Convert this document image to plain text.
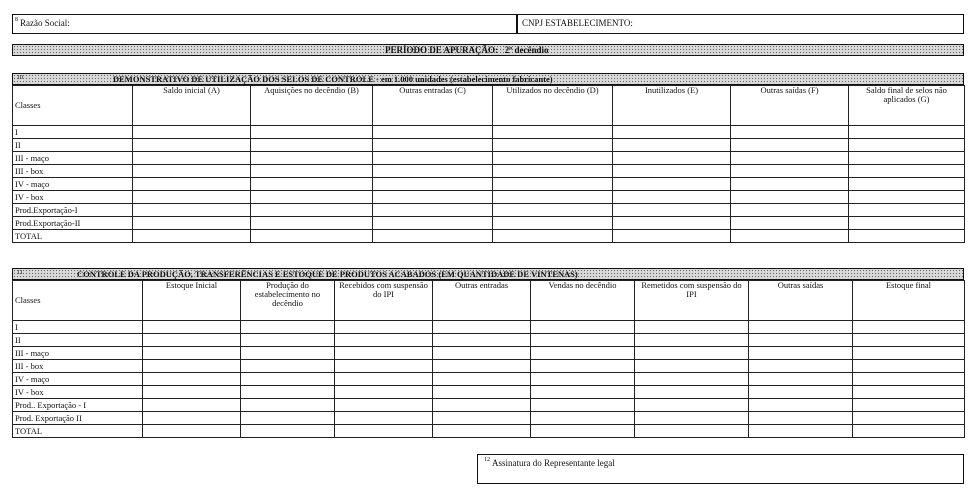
$^8$ Razão Social:	CNPJ ESTABELECIMENTO:
PERÍODO DE APURAÇÃO: 2º decêndio
$^{10}$	DEMONSTRATIVO DE UTILIZAÇÃO DOS SELOS DE CONTROLE - em 1.000 unidades (estabelecimento fabricante)
Classes	Saldo inicial (A)	Aquisições no decêndio (B)	Outras entradas (C)	Utilizados no decêndio (D)	Inutilizados (E)	Outras saídas (F)	Saldo final de selos não aplicados (G)
I							
II							
III - maço							
III - box							
IV - maço							
IV - box							
Prod.Exportação-I							
Prod.Exportação-II							
TOTAL							
$^{11}$	CONTROLE DA PRODUÇÃO, TRANSFERÊNCIAS E ESTOQUE DE PRODUTOS ACABADOS (EM QUANTIDADE DE VINTENAS)
Classes	Estoque Inicial	Produção do estabelecimento no decêndio	Recebidos com suspensão do IPI	Outras entradas	Vendas no decêndio	Remetidos com suspensão do IPI	Outras saídas	Estoque final
I								
II								
III - maço								
III - box								
IV - maço								
IV - box								
Prod.. Exportação - I								
Prod. Exportação II								
TOTAL								
$^{12}$ Assinatura do Representante legal
